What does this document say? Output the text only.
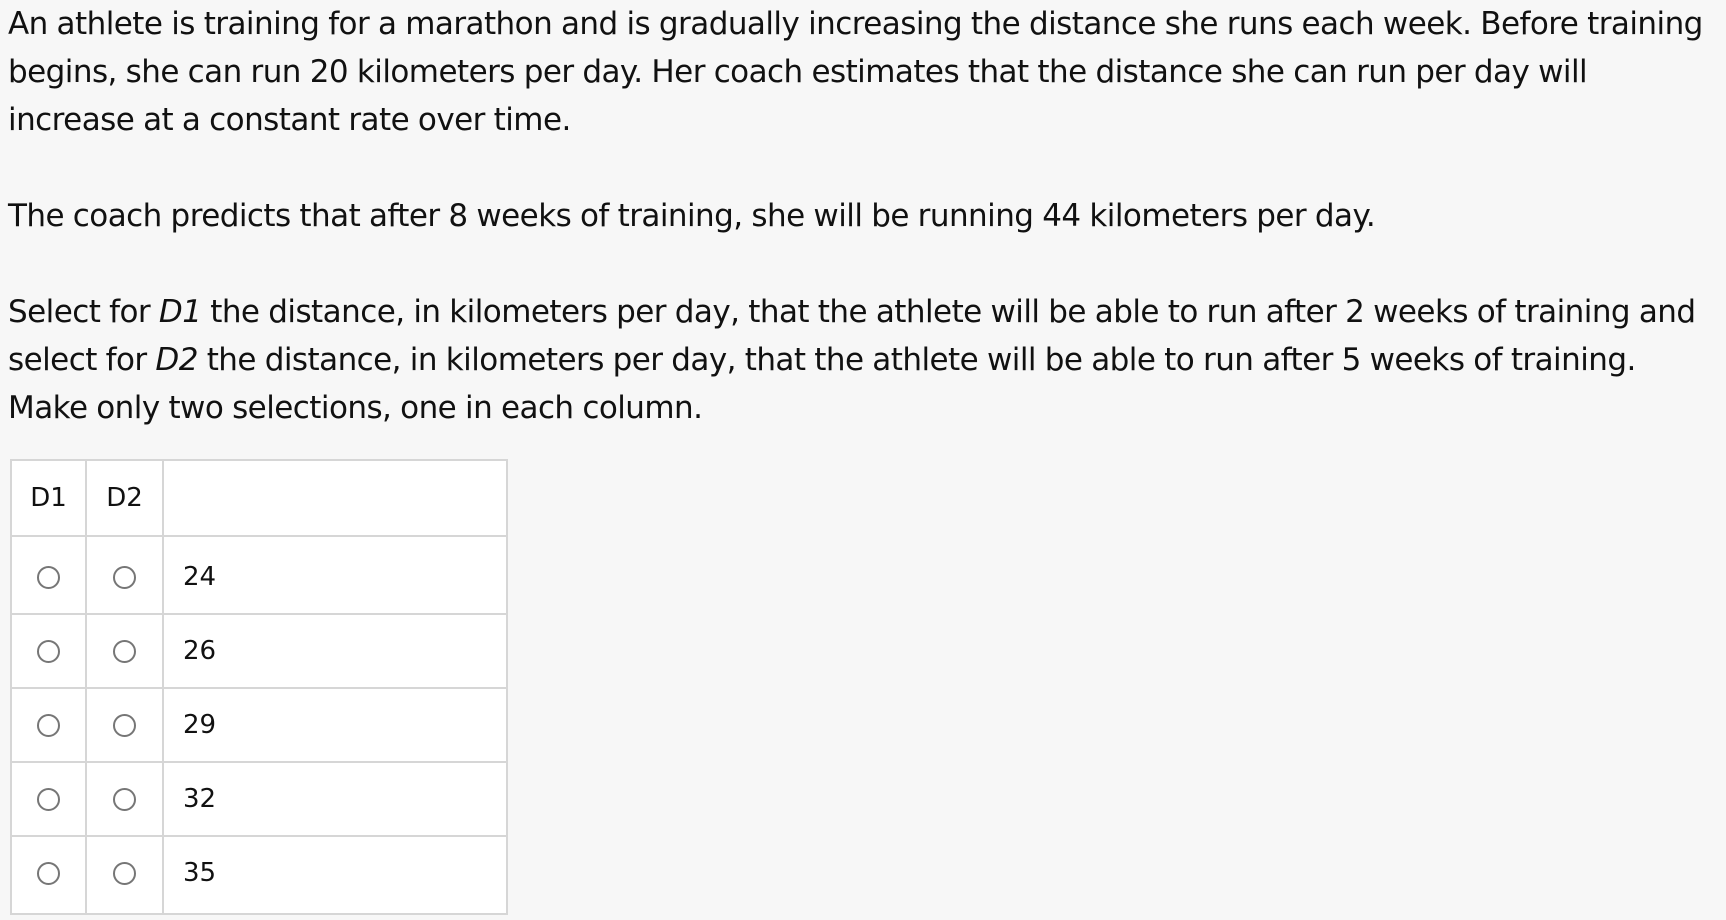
An athlete is training for a marathon and is gradually increasing the distance she runs each week. Before training begins, she can run 20 kilometers per day. Her coach estimates that the distance she can run per day will increase at a constant rate over time.

The coach predicts that after 8 weeks of training, she will be running 44 kilometers per day.

Select for D1 the distance, in kilometers per day, that the athlete will be able to run after 2 weeks of training and select for D2 the distance, in kilometers per day, that the athlete will be able to run after 5 weeks of training. Make only two selections, one in each column.

D1	D2	
		24
		26
		29
		32
		35
